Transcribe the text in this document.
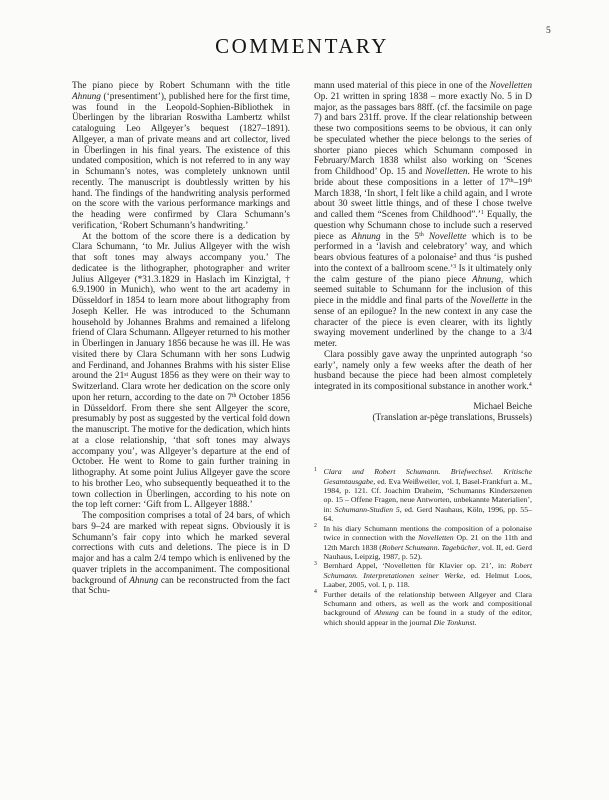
5
COMMENTARY

The piano piece by Robert Schumann with the title Ahnung (‘presentiment’), published here for the first time, was found in the Leopold-Sophien-Bibliothek in Überlingen by the librarian Roswitha Lambertz whilst cataloguing Leo Allgeyer’s bequest (1827–1891). Allgeyer, a man of private means and art collector, lived in Überlingen in his final years. The existence of this undated composition, which is not referred to in any way in Schumann’s notes, was completely unknown until recently. The manuscript is doubtlessly written by his hand. The findings of the handwriting analysis performed on the score with the various performance markings and the heading were confirmed by Clara Schumann’s verification, ‘Robert Schumann’s handwriting.’

At the bottom of the score there is a dedication by Clara Schumann, ‘to Mr. Julius Allgeyer with the wish that soft tones may always accompany you.’ The dedicatee is the lithographer, photographer and writer Julius Allgeyer (*31.3.1829 in Haslach im Kinzigtal, † 6.9.1900 in Munich), who went to the art academy in Düsseldorf in 1854 to learn more about lithography from Joseph Keller. He was introduced to the Schumann household by Johannes Brahms and remained a lifelong friend of Clara Schumann. Allgeyer returned to his mother in Überlingen in January 1856 because he was ill. He was visited there by Clara Schumann with her sons Ludwig and Ferdinand, and Johannes Brahms with his sister Elise around the 21st August 1856 as they were on their way to Switzerland. Clara wrote her dedication on the score only upon her return, according to the date on 7th October 1856 in Düsseldorf. From there she sent Allgeyer the score, presumably by post as suggested by the vertical fold down the manuscript. The motive for the dedication, which hints at a close relationship, ‘that soft tones may always accompany you’, was Allgeyer’s departure at the end of October. He went to Rome to gain further training in lithography. At some point Julius Allgeyer gave the score to his brother Leo, who subsequently bequeathed it to the town collection in Überlingen, according to his note on the top left corner: ‘Gift from L. Allgeyer 1888.’

The composition comprises a total of 24 bars, of which bars 9–24 are marked with repeat signs. Obviously it is Schumann’s fair copy into which he marked several corrections with cuts and deletions. The piece is in D major and has a calm 2/4 tempo which is enlivened by the quaver triplets in the accompaniment. The compositional background of Ahnung can be reconstructed from the fact that Schu-

mann used material of this piece in one of the Novelletten Op. 21 written in spring 1838 – more exactly No. 5 in D major, as the passages bars 88ff. (cf. the facsimile on page 7) and bars 231ff. prove. If the clear relationship between these two compositions seems to be obvious, it can only be speculated whether the piece belongs to the series of shorter piano pieces which Schumann composed in February/March 1838 whilst also working on ‘Scenes from Childhood’ Op. 15 and Novelletten. He wrote to his bride about these compositions in a letter of 17th–19th March 1838, ‘In short, I felt like a child again, and I wrote about 30 sweet little things, and of these I chose twelve and called them “Scenes from Childhood”.’$^1$ Equally, the question why Schumann chose to include such a reserved piece as Ahnung in the 5th Novellette which is to be performed in a ‘lavish and celebratory’ way, and which bears obvious features of a polonaise$^2$ and thus ‘is pushed into the context of a ballroom scene.’$^3$ Is it ultimately only the calm gesture of the piano piece Ahnung, which seemed suitable to Schumann for the inclusion of this piece in the middle and final parts of the Novellette in the sense of an epilogue? In the new context in any case the character of the piece is even clearer, with its lightly swaying movement underlined by the change to a 3/4 meter.

Clara possibly gave away the unprinted autograph ‘so early’, namely only a few weeks after the death of her husband because the piece had been almost completely integrated in its compositional substance in another work.$^4$

Michael Beiche
(Translation ar-pège translations, Brussels)
1 Clara und Robert Schumann. Briefwechsel. Kritische Gesamtausgabe, ed. Eva Weißweiler, vol. I, Basel-Frankfurt a. M., 1984, p. 121. Cf. Joachim Draheim, ‘Schumanns Kinderszenen op. 15 – Offene Fragen, neue Antworten, unbekannte Materialien’, in: Schumann-Studien 5, ed. Gerd Nauhaus, Köln, 1996, pp. 55–64.
2 In his diary Schumann mentions the composition of a polonaise twice in connection with the Novelletten Op. 21 on the 11th and 12th March 1838 (Robert Schumann. Tagebücher, vol. II, ed. Gerd Nauhaus, Leipzig, 1987, p. 52).
3 Bernhard Appel, ‘Novelletten für Klavier op. 21’, in: Robert Schumann. Interpretationen seiner Werke, ed. Helmut Loos, Laaber, 2005, vol. I, p. 118.
4 Further details of the relationship between Allgeyer and Clara Schumann and others, as well as the work and compositional background of Ahnung can be found in a study of the editor, which should appear in the journal Die Tonkunst.
